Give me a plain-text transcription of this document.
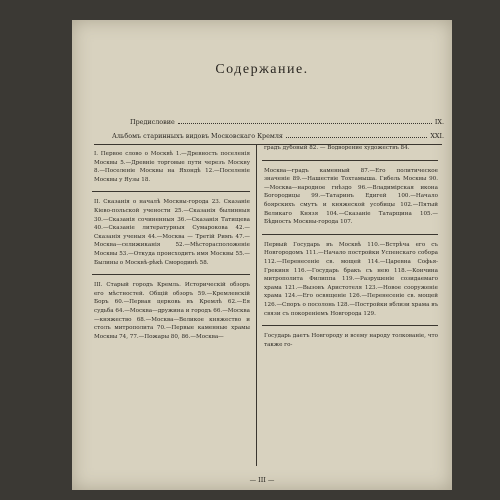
Содержание.
Предисловие	IX.
Альбомъ старинныхъ видовъ Московскаго Кремля	XXI.

I. Первое слово о Москвѣ 1.—Древность поселенія Москвы 5.—Древніе торговые пути черезъ Москву 8.—Поселеніе Москвы на Яхондѣ 12.—Поселеніе Москвы у Яузы 18.

II. Сказанія о началѣ Москвы-города 23. Сказаніе Кіево-польской учености 25.—Сказанія былинныя 30.—Сказанія сочиненныя 36.—Сказанія Татищева 40.—Сказаніе литературныя Сумарокова 42.—Сказанія ученыя 44.—Москва — Третій Римъ 47.—Москва—селижиканія 52.—Мѣсторасположеніе Москвы 53.—Откуда происходитъ имя Москвы 55.—Былины о Москвѣ-рѣкѣ Смородинѣ 58.

III. Старый городъ Кремль. Историческій обзоръ его мѣстностей. Общій обзоръ 59.—Кремлевскій Боръ 60.—Первая церковь въ Кремлѣ 62.—Ея судьба 64.—Москва—дружина и городъ 66.—Москва—княжество 68.—Москва—Великое княжество и столъ митрополита 70.—Первые каменные храмы Москвы 74, 77.—Пожары 80, 86.—Москва—

градъ дубовый 82. — Водворение художествъ 84.

Москва—градъ каменный 87.—Его политическое значеніе 89.—Нашествіе Тохтамыша. Гибель Москвы 90.—Москва—народное гнѣздо 96.—Владимірская икона Богородицы 99.—Татаринъ Едигей 100.—Начало боярскихъ смутъ и княжеской усобицы 102.—Пятый Великаго Князя 104.—Сказаніе Татарщина 105.—Бѣдность Москвы-города 107.

Первый Государь въ Москвѣ 110.—Встрѣча его съ Новгородомъ 111.—Начало постройки Успенскаго собора 112.—Перенесеніе св. мощей 114.—Царевна Софья-Грекиня 116.—Государь бракъ съ нею 118.—Кончина митрополита Филиппа 119.—Разрушеніе созидаемаго храма 121.—Вызовъ Аристотеля 123.—Новое сооруженіе храма 124.—Его освященіе 126.—Перенесеніе св. мощей 126.—Споръ о посолонь 128.—Постройки вблизи храма въ связи съ покореніемъ Новгорода 129.

Государь даетъ Новгороду и всему народу толкованіе, что также го-

— III —
